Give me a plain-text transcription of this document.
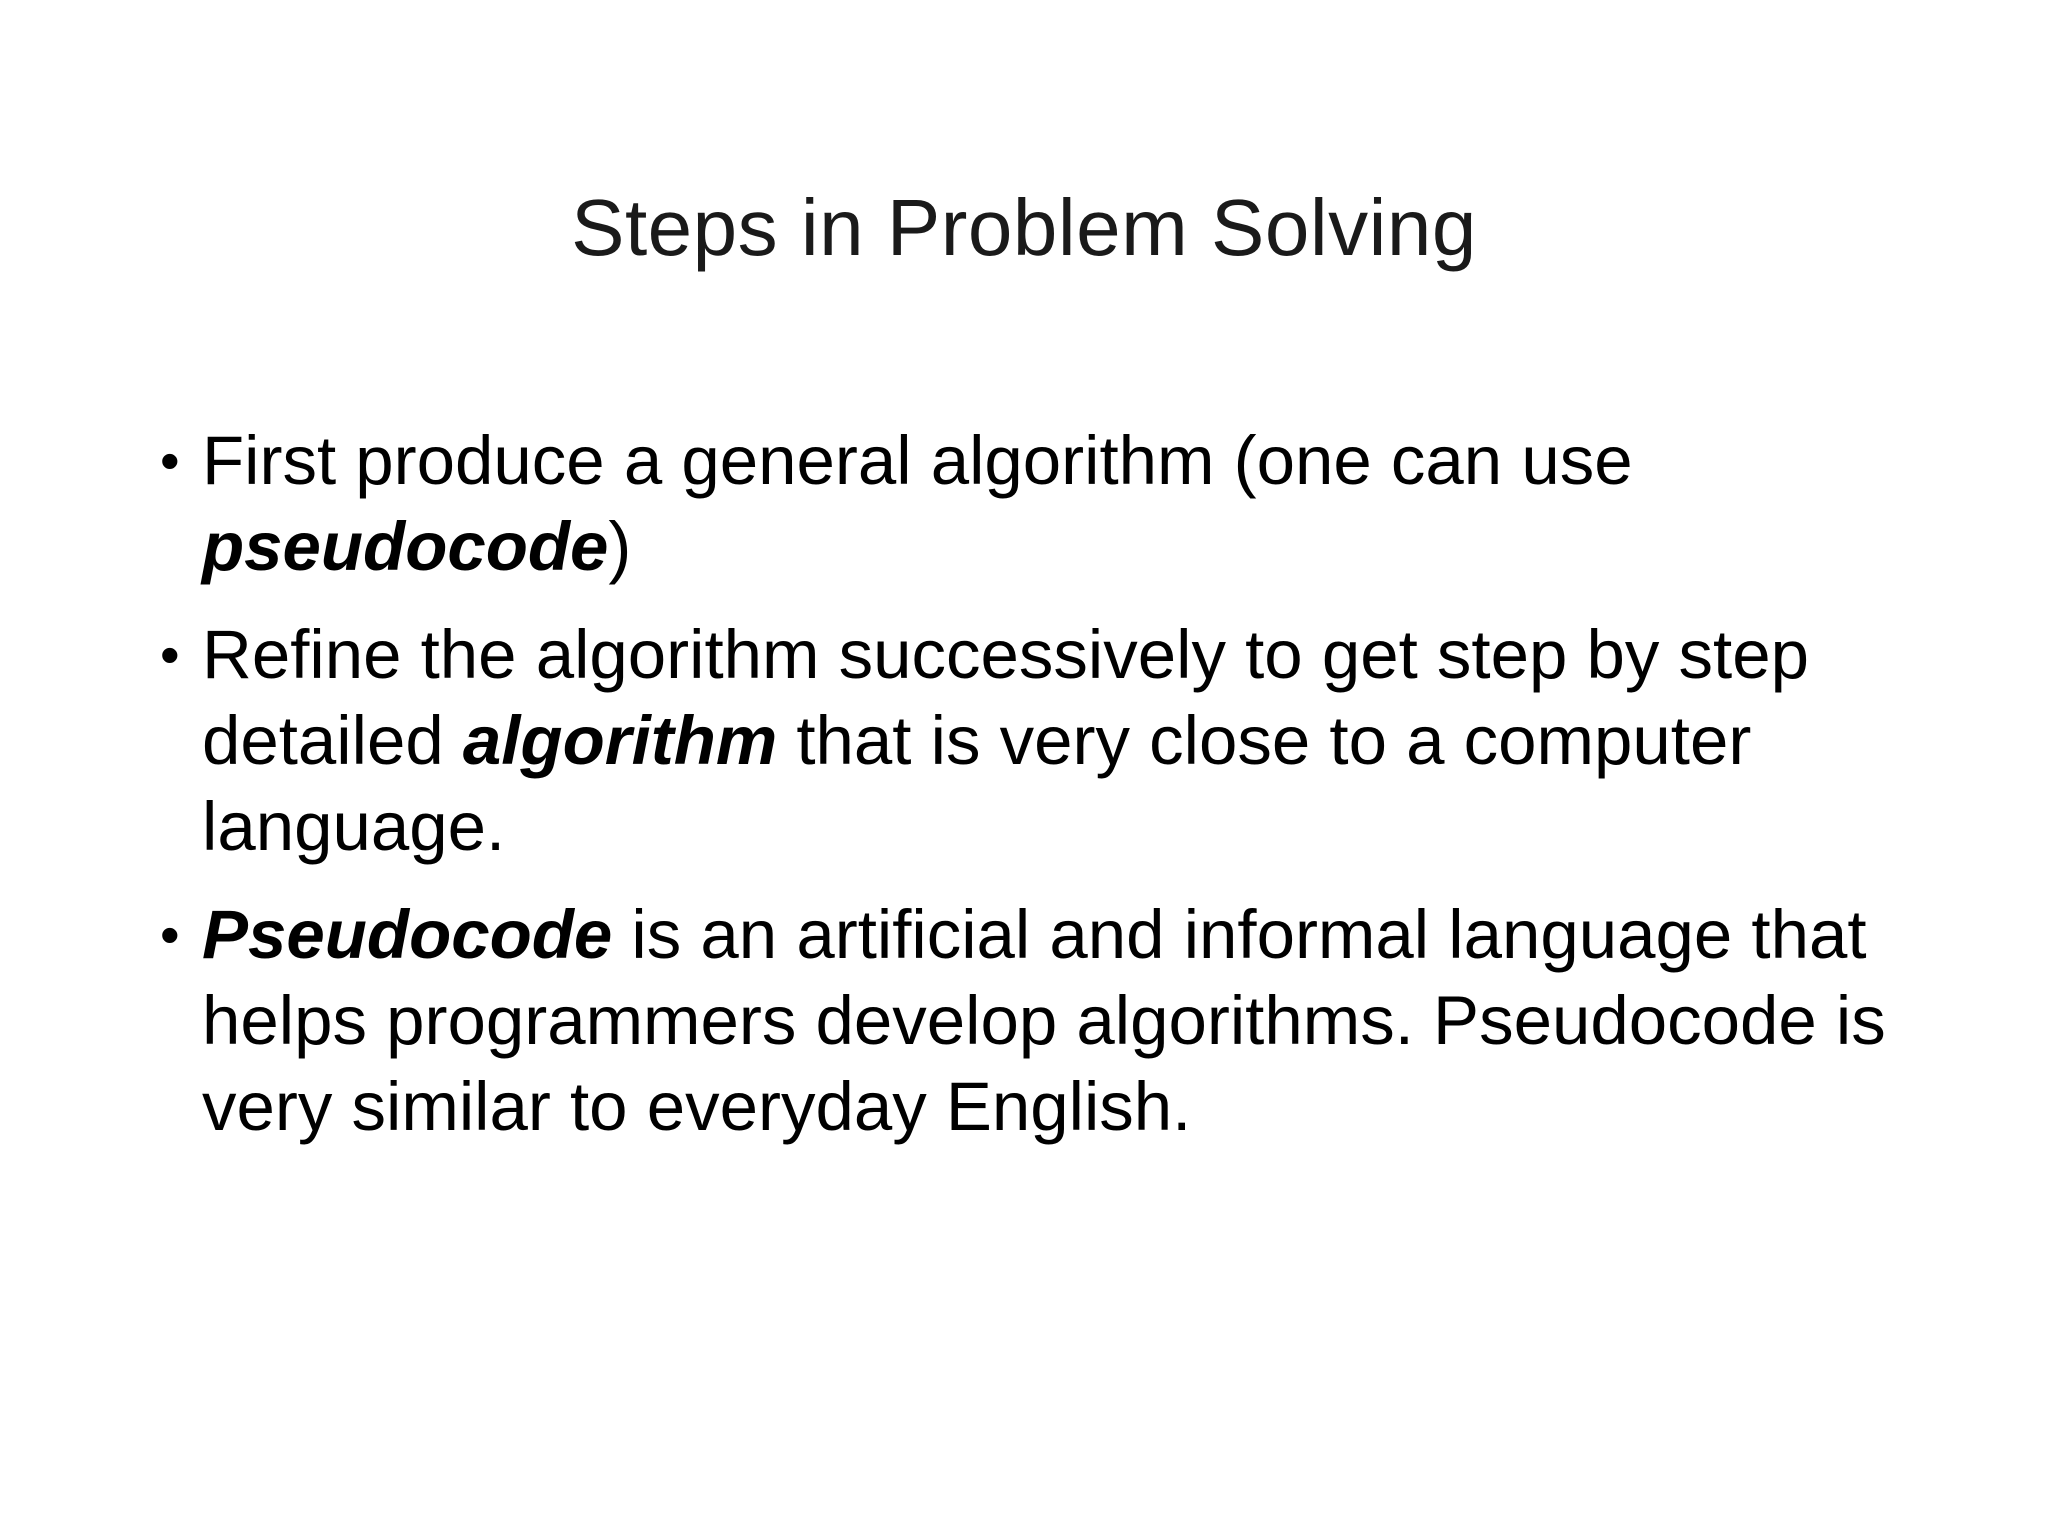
Steps in Problem Solving
• First produce a general algorithm (one can use pseudocode)
• Refine the algorithm successively to get step by step detailed algorithm that is very close to a computer language.
• Pseudocode is an artificial and informal language that helps programmers develop algorithms. Pseudocode is very similar to everyday English.
